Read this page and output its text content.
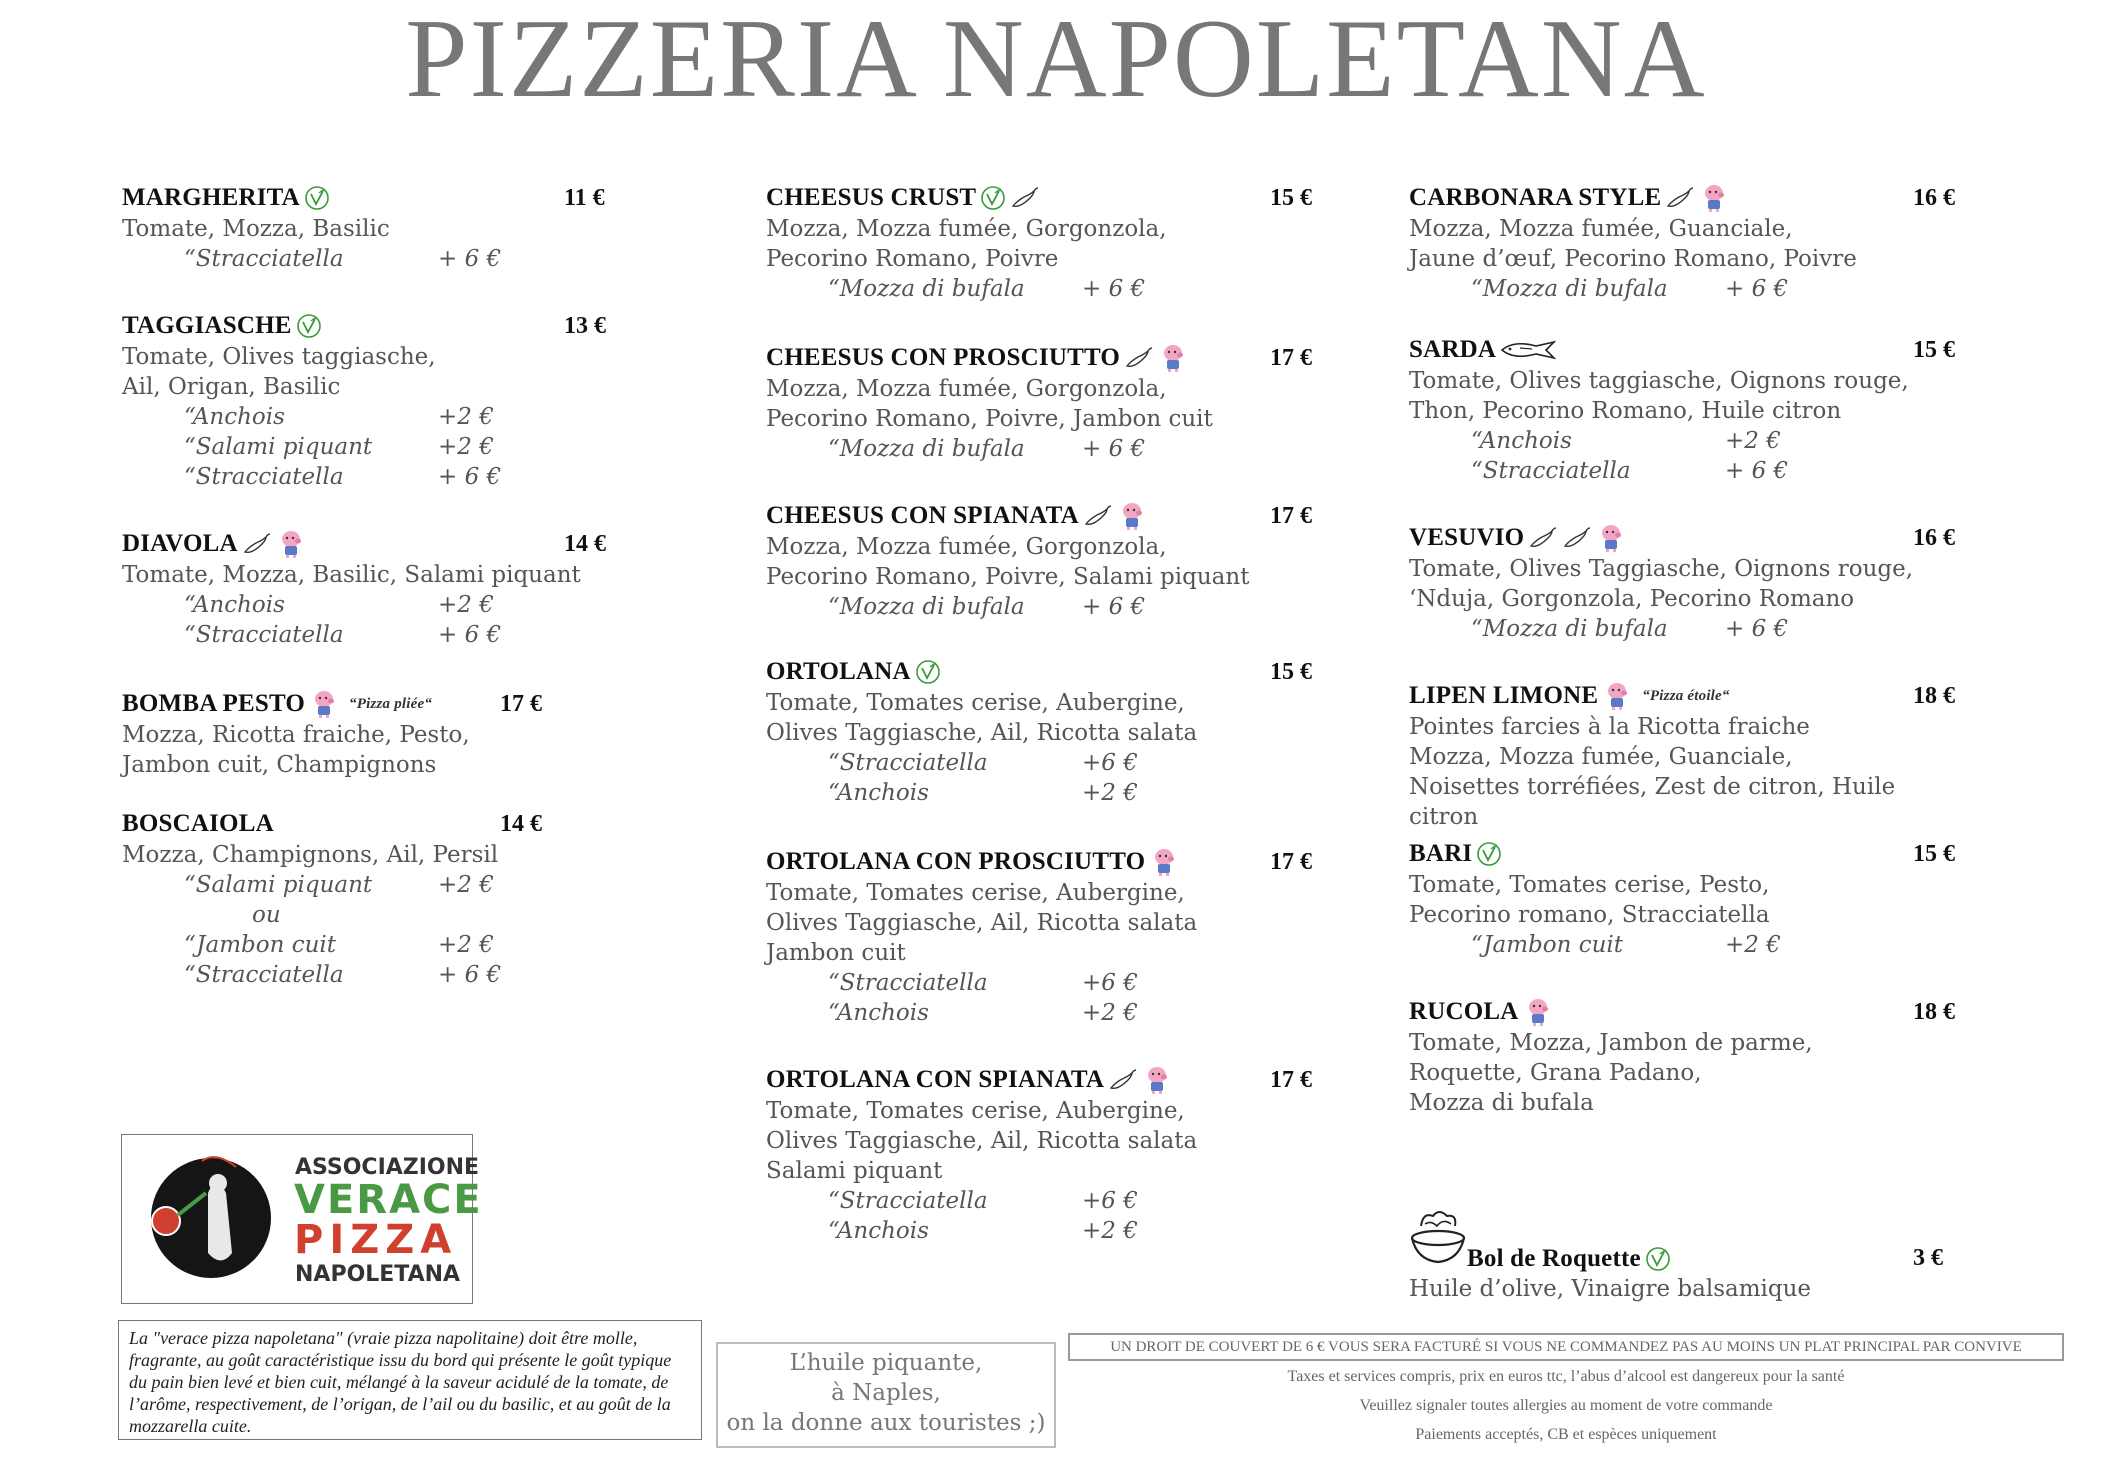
PIZZERIA NAPOLETANA
MARGHERITA	11 €
Tomate, Mozza, Basilic
“Stracciatella	+ 6 €
TAGGIASCHE	13 €
Tomate, Olives taggiasche,
Ail, Origan, Basilic
“Anchois	+2 €
“Salami piquant	+2 €
“Stracciatella	+ 6 €
DIAVOLA	14 €
Tomate, Mozza, Basilic, Salami piquant
“Anchois	+2 €
“Stracciatella	+ 6 €
BOMBA PESTO	“Pizza pliée“	17 €
Mozza, Ricotta fraiche, Pesto,
Jambon cuit, Champignons
BOSCAIOLA	14 €
Mozza, Champignons, Ail, Persil
“Salami piquant	+2 €
ou
“Jambon cuit	+2 €
“Stracciatella	+ 6 €
CHEESUS CRUST	15 €
Mozza, Mozza fumée, Gorgonzola,
Pecorino Romano, Poivre
“Mozza di bufala + 6 €
CHEESUS CON PROSCIUTTO	17 €
Mozza, Mozza fumée, Gorgonzola,
Pecorino Romano, Poivre, Jambon cuit
“Mozza di bufala + 6 €
CHEESUS CON SPIANATA	17 €
Mozza, Mozza fumée, Gorgonzola,
Pecorino Romano, Poivre, Salami piquant
“Mozza di bufala + 6 €
ORTOLANA	15 €
Tomate, Tomates cerise, Aubergine,
Olives Taggiasche, Ail, Ricotta salata
“Stracciatella	+6 €
“Anchois	+2 €
ORTOLANA CON PROSCIUTTO	17 €
Tomate, Tomates cerise, Aubergine,
Olives Taggiasche, Ail, Ricotta salata
Jambon cuit
“Stracciatella	+6 €
“Anchois	+2 €
ORTOLANA CON SPIANATA	17 €
Tomate, Tomates cerise, Aubergine,
Olives Taggiasche, Ail, Ricotta salata
Salami piquant
“Stracciatella	+6 €
“Anchois	+2 €
CARBONARA STYLE	16 €
Mozza, Mozza fumée, Guanciale,
Jaune d’œuf, Pecorino Romano, Poivre
“Mozza di bufala + 6 €
SARDA	15 €
Tomate, Olives taggiasche, Oignons rouge,
Thon, Pecorino Romano, Huile citron
“Anchois	+2 €
“Stracciatella	+ 6 €
VESUVIO	16 €
Tomate, Olives Taggiasche, Oignons rouge,
‘Nduja, Gorgonzola, Pecorino Romano
“Mozza di bufala + 6 €
LIPEN LIMONE	“Pizza étoile“	18 €
Pointes farcies à la Ricotta fraiche
Mozza, Mozza fumée, Guanciale,
Noisettes torréfiées, Zest de citron, Huile citron
BARI	15 €
Tomate, Tomates cerise, Pesto,
Pecorino romano, Stracciatella
“Jambon cuit	+2 €
RUCOLA	18 €
Tomate, Mozza, Jambon de parme,
Roquette, Grana Padano,
Mozza di bufala
Bol de Roquette	3 €
Huile d’olive, Vinaigre balsamique
ASSOCIAZIONE
VERACE
PIZZA
NAPOLETANA
La "verace pizza napoletana" (vraie pizza napolitaine) doit être molle, fragrante, au goût caractéristique issu du bord qui présente le goût typique du pain bien levé et bien cuit, mélangé à la saveur acidulé de la tomate, de l’arôme, respectivement, de l’origan, de l’ail ou du basilic, et au goût de la mozzarella cuite.
L’huile piquante,
à Naples,
on la donne aux touristes ;)
UN DROIT DE COUVERT DE 6 € VOUS SERA FACTURÉ SI VOUS NE COMMANDEZ PAS AU MOINS UN PLAT PRINCIPAL PAR CONVIVE
Taxes et services compris, prix en euros ttc, l’abus d’alcool est dangereux pour la santé
Veuillez signaler toutes allergies au moment de votre commande
Paiements acceptés, CB et espèces uniquement
